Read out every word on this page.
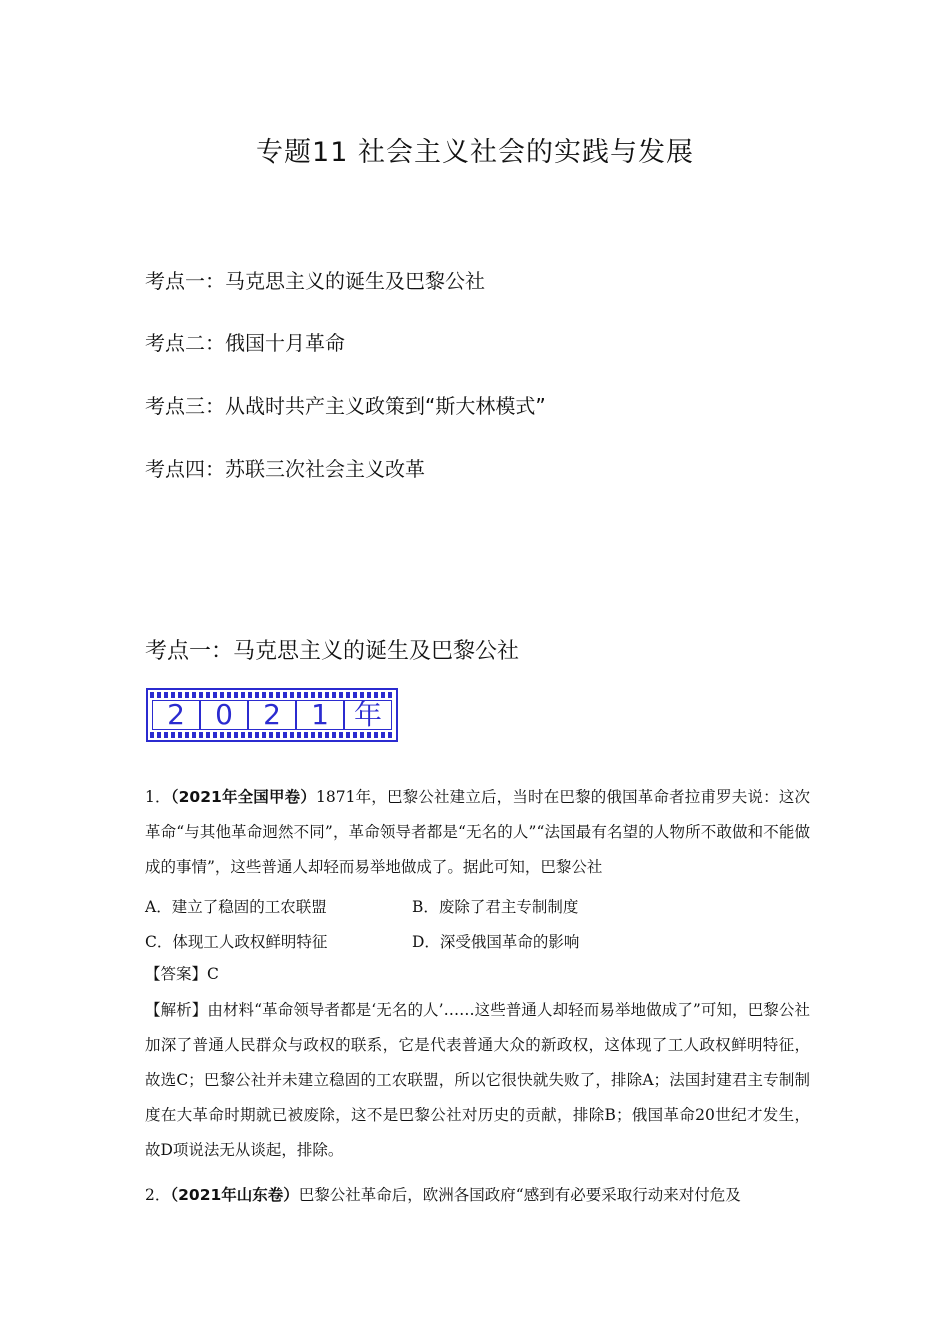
专题11 社会主义社会的实践与发展
考点一：马克思主义的诞生及巴黎公社
考点二：俄国十月革命
考点三：从战时共产主义政策到“斯大林模式”
考点四：苏联三次社会主义改革
考点一：马克思主义的诞生及巴黎公社
2	0	2	1 年
1．（2021年全国甲卷）1871年，巴黎公社建立后，当时在巴黎的俄国革命者拉甫罗夫说：这次革命“与其他革命迥然不同”，革命领导者都是“无名的人”“法国最有名望的人物所不敢做和不能做成的事情”，这些普通人却轻而易举地做成了。据此可知，巴黎公社
A．建立了稳固的工农联盟	B．废除了君主专制制度
C．体现工人政权鲜明特征	D．深受俄国革命的影响
【答案】C
【解析】由材料“革命领导者都是‘无名的人’……这些普通人却轻而易举地做成了”可知，巴黎公社加深了普通人民群众与政权的联系，它是代表普通大众的新政权，这体现了工人政权鲜明特征，故选C；巴黎公社并未建立稳固的工农联盟，所以它很快就失败了，排除A；法国封建君主专制制度在大革命时期就已被废除，这不是巴黎公社对历史的贡献，排除B；俄国革命20世纪才发生，故D项说法无从谈起，排除。
2．（2021年山东卷）巴黎公社革命后，欧洲各国政府“感到有必要采取行动来对付危及
